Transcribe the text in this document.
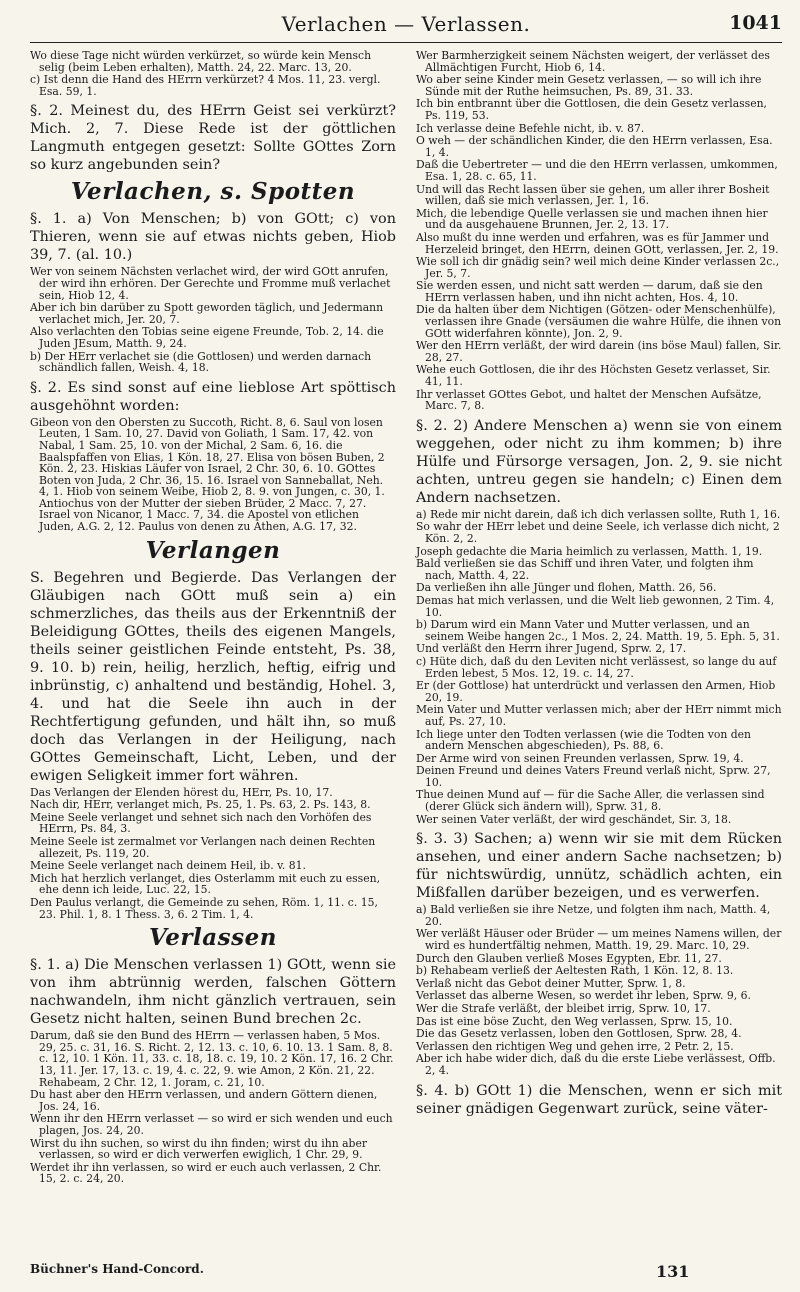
Verlachen — Verlassen.	1041
Wo diese Tage nicht würden verkürzet, so würde kein Mensch selig (beim Leben erhalten), Matth. 24, 22. Marc. 13, 20.
c) Ist denn die Hand des HErrn verkürzet? 4 Mos. 11, 23. vergl. Esa. 59, 1.
§. 2. Meinest du, des HErrn Geist sei verkürzt? Mich. 2, 7. Diese Rede ist der göttlichen Langmuth entgegen gesetzt: Sollte GOttes Zorn so kurz angebunden sein?
Verlachen, s. Spotten
§. 1. a) Von Menschen; b) von GOtt; c) von Thieren, wenn sie auf etwas nichts geben, Hiob 39, 7. (al. 10.)
Wer von seinem Nächsten verlachet wird, der wird GOtt anrufen, der wird ihn erhören. Der Gerechte und Fromme muß verlachet sein, Hiob 12, 4.
Aber ich bin darüber zu Spott geworden täglich, und Jedermann verlachet mich, Jer. 20, 7.
Also verlachten den Tobias seine eigene Freunde, Tob. 2, 14. die Juden JEsum, Matth. 9, 24.
b) Der HErr verlachet sie (die Gottlosen) und werden darnach schändlich fallen, Weish. 4, 18.
§. 2. Es sind sonst auf eine lieblose Art spöttisch ausgehöhnt worden:
Gibeon von den Obersten zu Succoth, Richt. 8, 6. Saul von losen Leuten, 1 Sam. 10, 27. David von Goliath, 1 Sam. 17, 42. von Nabal, 1 Sam. 25, 10. von der Michal, 2 Sam. 6, 16. die Baalspfaffen von Elias, 1 Kön. 18, 27. Elisa von bösen Buben, 2 Kön. 2, 23. Hiskias Läufer von Israel, 2 Chr. 30, 6. 10. GOttes Boten von Juda, 2 Chr. 36, 15. 16. Israel von Sanneballat, Neh. 4, 1. Hiob von seinem Weibe, Hiob 2, 8. 9. von Jungen, c. 30, 1. Antiochus von der Mutter der sieben Brüder, 2 Macc. 7, 27. Israel von Nicanor, 1 Macc. 7, 34. die Apostel von etlichen Juden, A.G. 2, 12. Paulus von denen zu Athen, A.G. 17, 32.
Verlangen
S. Begehren und Begierde. Das Verlangen der Gläubigen nach GOtt muß sein a) ein schmerzliches, das theils aus der Erkenntniß der Beleidigung GOttes, theils des eigenen Mangels, theils seiner geistlichen Feinde entsteht, Ps. 38, 9. 10. b) rein, heilig, herzlich, heftig, eifrig und inbrünstig, c) anhaltend und beständig, Hohel. 3, 4. und hat die Seele ihn auch in der Rechtfertigung gefunden, und hält ihn, so muß doch das Verlangen in der Heiligung, nach GOttes Gemeinschaft, Licht, Leben, und der ewigen Seligkeit immer fort währen.
Das Verlangen der Elenden hörest du, HErr, Ps. 10, 17.
Nach dir, HErr, verlanget mich, Ps. 25, 1. Ps. 63, 2. Ps. 143, 8.
Meine Seele verlanget und sehnet sich nach den Vorhöfen des HErrn, Ps. 84, 3.
Meine Seele ist zermalmet vor Verlangen nach deinen Rechten allezeit, Ps. 119, 20.
Meine Seele verlanget nach deinem Heil, ib. v. 81.
Mich hat herzlich verlanget, dies Osterlamm mit euch zu essen, ehe denn ich leide, Luc. 22, 15.
Den Paulus verlangt, die Gemeinde zu sehen, Röm. 1, 11. c. 15, 23. Phil. 1, 8. 1 Thess. 3, 6. 2 Tim. 1, 4.
Verlassen
§. 1. a) Die Menschen verlassen 1) GOtt, wenn sie von ihm abtrünnig werden, falschen Göttern nachwandeln, ihm nicht gänzlich vertrauen, sein Gesetz nicht halten, seinen Bund brechen 2c.
Darum, daß sie den Bund des HErrn — verlassen haben, 5 Mos. 29, 25. c. 31, 16. S. Richt. 2, 12. 13. c. 10, 6. 10. 13. 1 Sam. 8, 8. c. 12, 10. 1 Kön. 11, 33. c. 18, 18. c. 19, 10. 2 Kön. 17, 16. 2 Chr. 13, 11. Jer. 17, 13. c. 19, 4. c. 22, 9. wie Amon, 2 Kön. 21, 22. Rehabeam, 2 Chr. 12, 1. Joram, c. 21, 10.
Du hast aber den HErrn verlassen, und andern Göttern dienen, Jos. 24, 16.
Wenn ihr den HErrn verlasset — so wird er sich wenden und euch plagen, Jos. 24, 20.
Wirst du ihn suchen, so wirst du ihn finden; wirst du ihn aber verlassen, so wird er dich verwerfen ewiglich, 1 Chr. 29, 9.
Werdet ihr ihn verlassen, so wird er euch auch verlassen, 2 Chr. 15, 2. c. 24, 20.
Wer Barmherzigkeit seinem Nächsten weigert, der verlässet des Allmächtigen Furcht, Hiob 6, 14.
Wo aber seine Kinder mein Gesetz verlassen, — so will ich ihre Sünde mit der Ruthe heimsuchen, Ps. 89, 31. 33.
Ich bin entbrannt über die Gottlosen, die dein Gesetz verlassen, Ps. 119, 53.
Ich verlasse deine Befehle nicht, ib. v. 87.
O weh — der schändlichen Kinder, die den HErrn verlassen, Esa. 1, 4.
Daß die Uebertreter — und die den HErrn verlassen, umkommen, Esa. 1, 28. c. 65, 11.
Und will das Recht lassen über sie gehen, um aller ihrer Bosheit willen, daß sie mich verlassen, Jer. 1, 16.
Mich, die lebendige Quelle verlassen sie und machen ihnen hier und da ausgehauene Brunnen, Jer. 2, 13. 17.
Also mußt du inne werden und erfahren, was es für Jammer und Herzeleid bringet, den HErrn, deinen GOtt, verlassen, Jer. 2, 19.
Wie soll ich dir gnädig sein? weil mich deine Kinder verlassen 2c., Jer. 5, 7.
Sie werden essen, und nicht satt werden — darum, daß sie den HErrn verlassen haben, und ihn nicht achten, Hos. 4, 10.
Die da halten über dem Nichtigen (Götzen- oder Menschenhülfe), verlassen ihre Gnade (versäumen die wahre Hülfe, die ihnen von GOtt widerfahren könnte), Jon. 2, 9.
Wer den HErrn verläßt, der wird darein (ins böse Maul) fallen, Sir. 28, 27.
Wehe euch Gottlosen, die ihr des Höchsten Gesetz verlasset, Sir. 41, 11.
Ihr verlasset GOttes Gebot, und haltet der Menschen Aufsätze, Marc. 7, 8.
§. 2. 2) Andere Menschen a) wenn sie von einem weggehen, oder nicht zu ihm kommen; b) ihre Hülfe und Fürsorge versagen, Jon. 2, 9. sie nicht achten, untreu gegen sie handeln; c) Einen dem Andern nachsetzen.
a) Rede mir nicht darein, daß ich dich verlassen sollte, Ruth 1, 16.
So wahr der HErr lebet und deine Seele, ich verlasse dich nicht, 2 Kön. 2, 2.
Joseph gedachte die Maria heimlich zu verlassen, Matth. 1, 19.
Bald verließen sie das Schiff und ihren Vater, und folgten ihm nach, Matth. 4, 22.
Da verließen ihn alle Jünger und flohen, Matth. 26, 56.
Demas hat mich verlassen, und die Welt lieb gewonnen, 2 Tim. 4, 10.
b) Darum wird ein Mann Vater und Mutter verlassen, und an seinem Weibe hangen 2c., 1 Mos. 2, 24. Matth. 19, 5. Eph. 5, 31.
Und verläßt den Herrn ihrer Jugend, Sprw. 2, 17.
c) Hüte dich, daß du den Leviten nicht verlässest, so lange du auf Erden lebest, 5 Mos. 12, 19. c. 14, 27.
Er (der Gottlose) hat unterdrückt und verlassen den Armen, Hiob 20, 19.
Mein Vater und Mutter verlassen mich; aber der HErr nimmt mich auf, Ps. 27, 10.
Ich liege unter den Todten verlassen (wie die Todten von den andern Menschen abgeschieden), Ps. 88, 6.
Der Arme wird von seinen Freunden verlassen, Sprw. 19, 4.
Deinen Freund und deines Vaters Freund verlaß nicht, Sprw. 27, 10.
Thue deinen Mund auf — für die Sache Aller, die verlassen sind (derer Glück sich ändern will), Sprw. 31, 8.
Wer seinen Vater verläßt, der wird geschändet, Sir. 3, 18.
§. 3. 3) Sachen; a) wenn wir sie mit dem Rücken ansehen, und einer andern Sache nachsetzen; b) für nichtswürdig, unnütz, schädlich achten, ein Mißfallen darüber bezeigen, und es verwerfen.
a) Bald verließen sie ihre Netze, und folgten ihm nach, Matth. 4, 20.
Wer verläßt Häuser oder Brüder — um meines Namens willen, der wird es hundertfältig nehmen, Matth. 19, 29. Marc. 10, 29.
Durch den Glauben verließ Moses Egypten, Ebr. 11, 27.
b) Rehabeam verließ der Aeltesten Rath, 1 Kön. 12, 8. 13.
Verlaß nicht das Gebot deiner Mutter, Sprw. 1, 8.
Verlasset das alberne Wesen, so werdet ihr leben, Sprw. 9, 6.
Wer die Strafe verläßt, der bleibet irrig, Sprw. 10, 17.
Das ist eine böse Zucht, den Weg verlassen, Sprw. 15, 10.
Die das Gesetz verlassen, loben den Gottlosen, Sprw. 28, 4.
Verlassen den richtigen Weg und gehen irre, 2 Petr. 2, 15.
Aber ich habe wider dich, daß du die erste Liebe verlässest, Offb. 2, 4.
§. 4. b) GOtt 1) die Menschen, wenn er sich mit seiner gnädigen Gegenwart zurück, seine väter-
Büchner's Hand-Concord.	131
